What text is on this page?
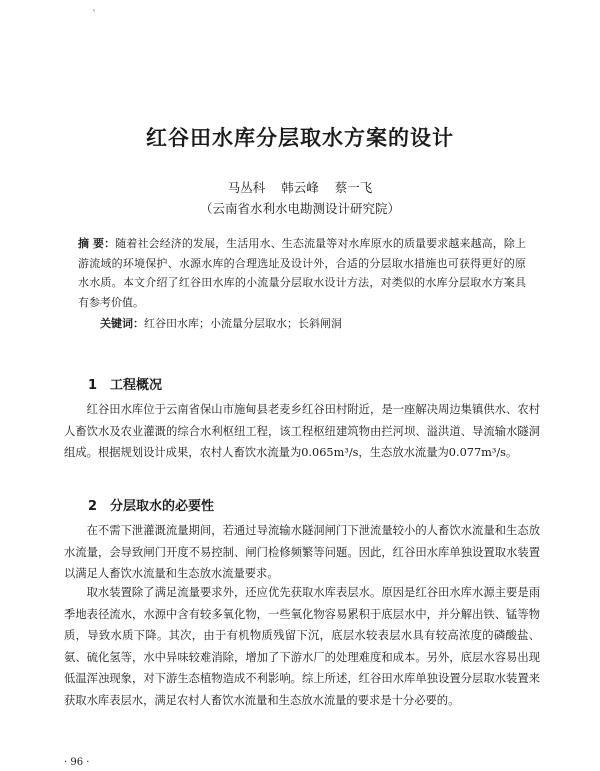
`
红谷田水库分层取水方案的设计
马丛科 韩云峰 蔡一飞
（云南省水利水电勘测设计研究院）
摘 要：随着社会经济的发展，生活用水、生态流量等对水库原水的质量要求越来越高，除上游流域的环境保护、水源水库的合理选址及设计外，合适的分层取水措施也可获得更好的原水水质。本文介绍了红谷田水库的小流量分层取水设计方法，对类似的水库分层取水方案具有参考价值。
关键词：红谷田水库；小流量分层取水；长斜闸洞
1 工程概况
红谷田水库位于云南省保山市施甸县老麦乡红谷田村附近，是一座解决周边集镇供水、农村人畜饮水及农业灌溉的综合水利枢纽工程，该工程枢纽建筑物由拦河坝、溢洪道、导流输水隧洞组成。根据规划设计成果，农村人畜饮水流量为0.065m³/s，生态放水流量为0.077m³/s。
2 分层取水的必要性
在不需下泄灌溉流量期间，若通过导流输水隧洞闸门下泄流量较小的人畜饮水流量和生态放水流量，会导致闸门开度不易控制、闸门检修频繁等问题。因此，红谷田水库单独设置取水装置以满足人畜饮水流量和生态放水流量要求。
取水装置除了满足流量要求外，还应优先获取水库表层水。原因是红谷田水库水源主要是雨季地表径流水，水源中含有较多氧化物，一些氧化物容易累积于底层水中，并分解出铁、锰等物质，导致水质下降。其次，由于有机物质残留下沉，底层水较表层水具有较高浓度的磷酸盐、氨、硫化氢等，水中异味较难消除，增加了下游水厂的处理难度和成本。另外，底层水容易出现低温浑浊现象，对下游生态植物造成不利影响。综上所述，红谷田水库单独设置分层取水装置来获取水库表层水，满足农村人畜饮水流量和生态放水流量的要求是十分必要的。
· 96 ·
